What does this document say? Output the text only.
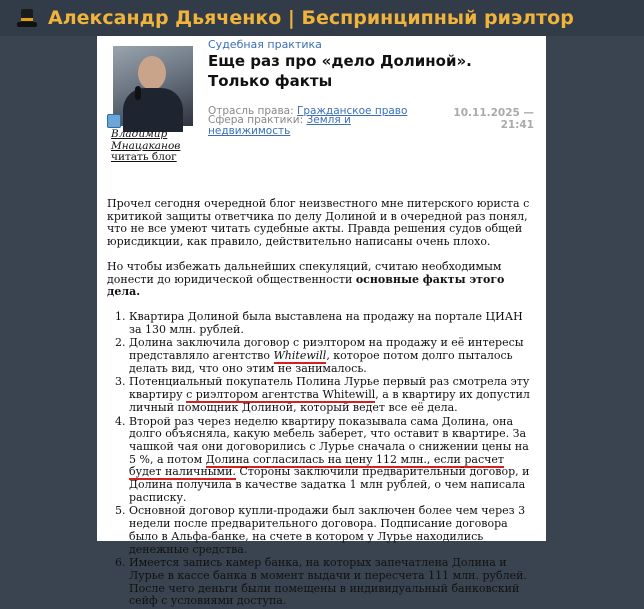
Александр Дьяченко | Беспринципный риэлтор
Владимир Мнацаканов
читать блог
Судебная практика
Еще раз про «дело Долиной». Только факты
Отрасль права: Гражданское право
Сфера практики: Земля и недвижимость
10.11.2025 — 21:41

Прочел сегодня очередной блог неизвестного мне питерского юриста с критикой защиты ответчика по делу Долиной и в очередной раз понял, что не все умеют читать судебные акты. Правда решения судов общей юрисдикции, как правило, действительно написаны очень плохо.

Но чтобы избежать дальнейших спекуляций, считаю необходимым донести до юридической общественности основные факты этого дела.

1. Квартира Долиной была выставлена на продажу на портале ЦИАН за 130 млн. рублей.
2. Долина заключила договор с риэлтором на продажу и её интересы представляло агентство Whitewill, которое потом долго пыталось делать вид, что оно этим не занималось.
3. Потенциальный покупатель Полина Лурье первый раз смотрела эту квартиру с риэлтором агентства Whitewill, а в квартиру их допустил личный помощник Долиной, который ведет все её дела.
4. Второй раз через неделю квартиру показывала сама Долина, она долго объясняла, какую мебель заберет, что оставит в квартире. За чашкой чая они договорились с Лурье сначала о снижении цены на 5 %, а потом Долина согласилась на цену 112 млн., если расчет будет наличными. Стороны заключили предварительный договор, и Долина получила в качестве задатка 1 млн рублей, о чем написала расписку.
5. Основной договор купли-продажи был заключен более чем через 3 недели после предварительного договора. Подписание договора было в Альфа-банке, на счете в котором у Лурье находились денежные средства.
6. Имеется запись камер банка, на которых запечатлена Долина и Лурье в кассе банка в момент выдачи и пересчета 111 млн. рублей. После чего деньги были помещены в индивидуальный банковский сейф с условиями доступа.
